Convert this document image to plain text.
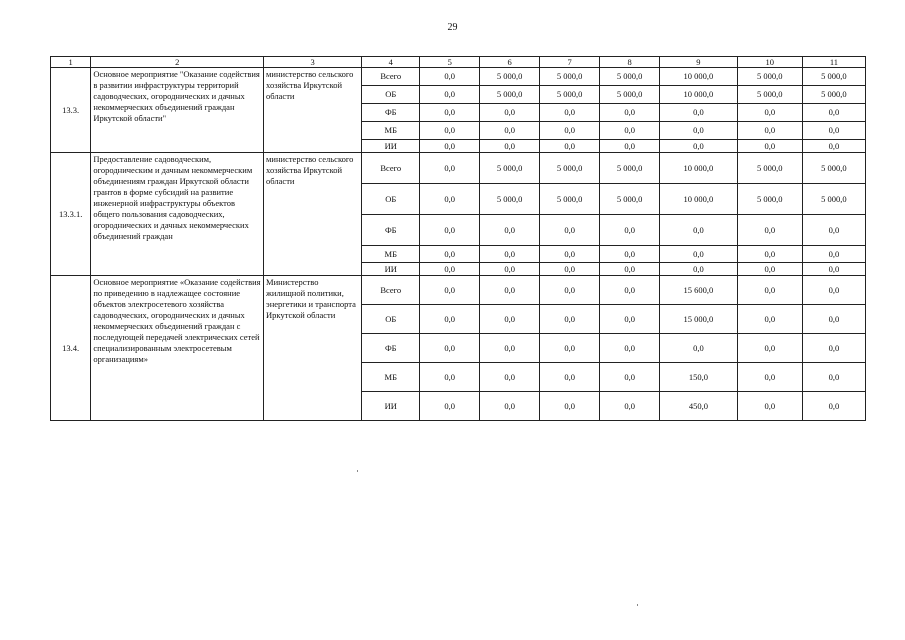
29
1	2	3	4	5	6	7	8	9	10	11
13.3.	Основное мероприятие "Оказание содействия в развитии инфраструктуры территорий садоводческих, огороднических и дачных некоммерческих объединений граждан Иркутской области"	министерство сельского хозяйства Иркутской области	Всего	0,0	5 000,0	5 000,0	5 000,0	10 000,0	5 000,0	5 000,0
			ОБ	0,0	5 000,0	5 000,0	5 000,0	10 000,0	5 000,0	5 000,0
			ФБ	0,0	0,0	0,0	0,0	0,0	0,0	0,0
			МБ	0,0	0,0	0,0	0,0	0,0	0,0	0,0
			ИИ	0,0	0,0	0,0	0,0	0,0	0,0	0,0
13.3.1.	Предоставление садоводческим, огородническим и дачным некоммерческим объединениям граждан Иркутской области грантов в форме субсидий на развитие инженерной инфраструктуры объектов общего пользования садоводческих, огороднических и дачных некоммерческих объединений граждан	министерство сельского хозяйства Иркутской области	Всего	0,0	5 000,0	5 000,0	5 000,0	10 000,0	5 000,0	5 000,0
			ОБ	0,0	5 000,0	5 000,0	5 000,0	10 000,0	5 000,0	5 000,0
			ФБ	0,0	0,0	0,0	0,0	0,0	0,0	0,0
			МБ	0,0	0,0	0,0	0,0	0,0	0,0	0,0
			ИИ	0,0	0,0	0,0	0,0	0,0	0,0	0,0
13.4.	Основное мероприятие «Оказание содействия по приведению в надлежащее состояние объектов электросетевого хозяйства садоводческих, огороднических и дачных некоммерческих объединений граждан с последующей передачей электрических сетей специализированным электросетевым организациям»	Министерство жилищной политики, энергетики и транспорта Иркутской области	Всего	0,0	0,0	0,0	0,0	15 600,0	0,0	0,0
			ОБ	0,0	0,0	0,0	0,0	15 000,0	0,0	0,0
			ФБ	0,0	0,0	0,0	0,0	0,0	0,0	0,0
			МБ	0,0	0,0	0,0	0,0	150,0	0,0	0,0
			ИИ	0,0	0,0	0,0	0,0	450,0	0,0	0,0
